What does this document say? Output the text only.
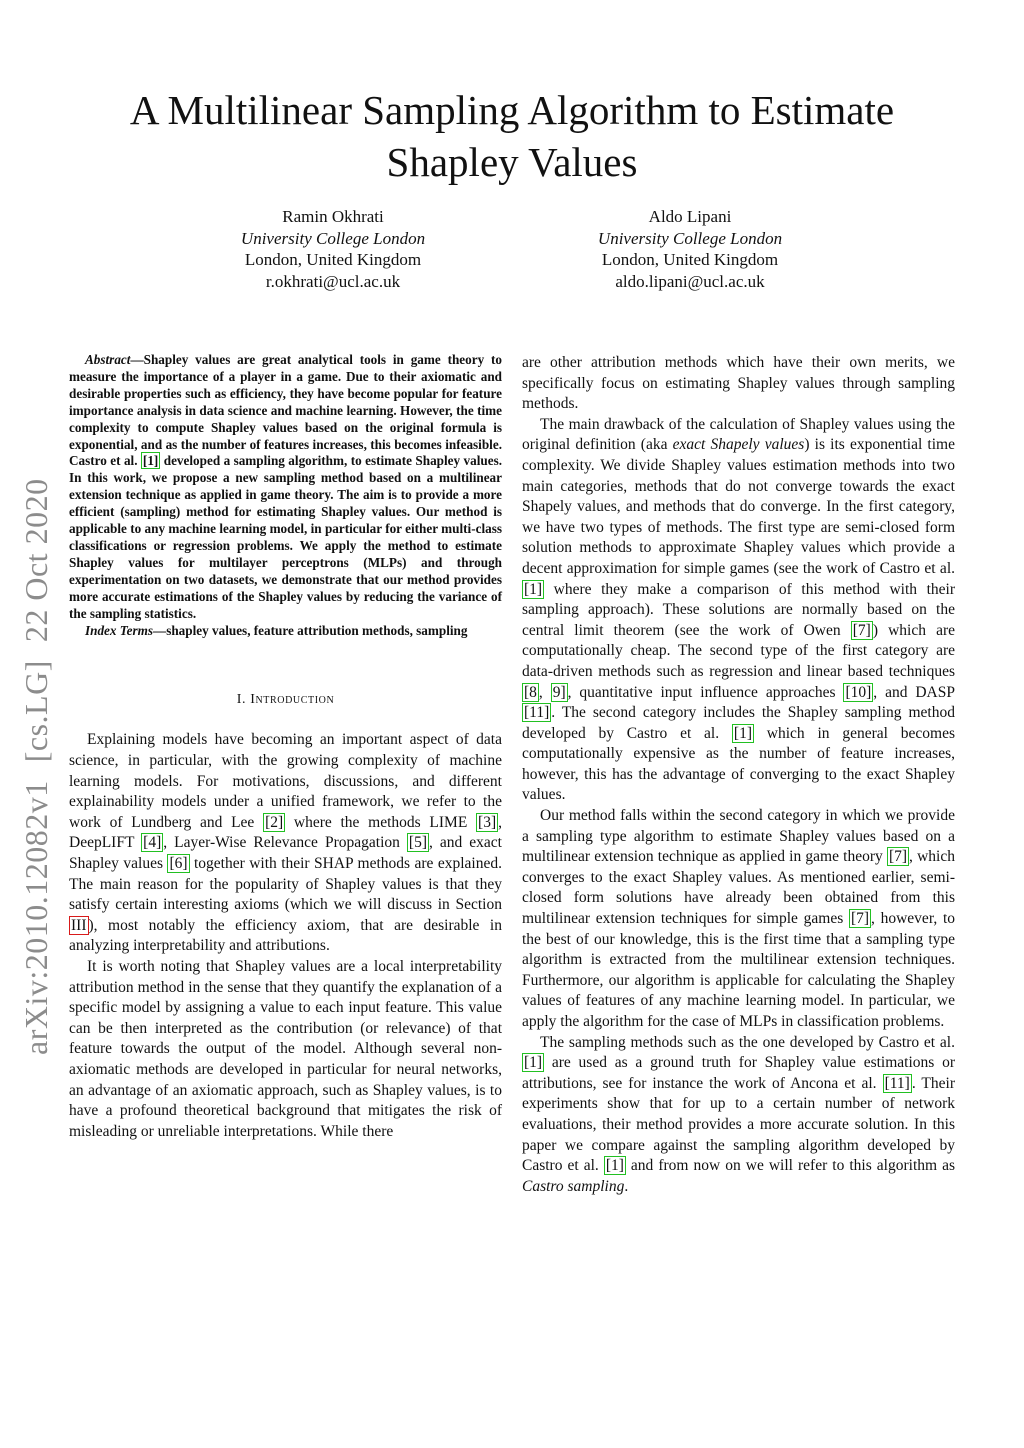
arXiv:2010.12082v1[cs.LG]22 Oct 2020
A Multilinear Sampling Algorithm to Estimate Shapley Values
Ramin Okhrati
University College London
London, United Kingdom
r.okhrati@ucl.ac.uk
Aldo Lipani
University College London
London, United Kingdom
aldo.lipani@ucl.ac.uk

Abstract—Shapley values are great analytical tools in game theory to measure the importance of a player in a game. Due to their axiomatic and desirable properties such as efficiency, they have become popular for feature importance analysis in data science and machine learning. However, the time complexity to compute Shapley values based on the original formula is exponential, and as the number of features increases, this becomes infeasible. Castro et al. [1] developed a sampling algorithm, to estimate Shapley values. In this work, we propose a new sampling method based on a multilinear extension technique as applied in game theory. The aim is to provide a more efficient (sampling) method for estimating Shapley values. Our method is applicable to any machine learning model, in particular for either multi-class classifications or regression problems. We apply the method to estimate Shapley values for multilayer perceptrons (MLPs) and through experimentation on two datasets, we demonstrate that our method provides more accurate estimations of the Shapley values by reducing the variance of the sampling statistics.

Index Terms—shapley values, feature attribution methods, sampling

I. Introduction

Explaining models have becoming an important aspect of data science, in particular, with the growing complexity of machine learning models. For motivations, discussions, and different explainability models under a unified framework, we refer to the work of Lundberg and Lee [2] where the methods LIME [3] , DeepLIFT [4] , Layer-Wise Relevance Propagation [5] , and exact Shapley values [6] together with their SHAP methods are explained. The main reason for the popularity of Shapley values is that they satisfy certain interesting axioms (which we will discuss in Section III ), most notably the efficiency axiom, that are desirable in analyzing interpretability and attributions.

It is worth noting that Shapley values are a local interpretability attribution method in the sense that they quantify the explanation of a specific model by assigning a value to each input feature. This value can be then interpreted as the contribution (or relevance) of that feature towards the output of the model. Although several non-axiomatic methods are developed in particular for neural networks, an advantage of an axiomatic approach, such as Shapley values, is to have a profound theoretical background that mitigates the risk of misleading or unreliable interpretations. While there

are other attribution methods which have their own merits, we specifically focus on estimating Shapley values through sampling methods.

The main drawback of the calculation of Shapley values using the original definition (aka exact Shapely values) is its exponential time complexity. We divide Shapley values estimation methods into two main categories, methods that do not converge towards the exact Shapely values, and methods that do converge. In the first category, we have two types of methods. The first type are semi-closed form solution methods to approximate Shapley values which provide a decent approximation for simple games (see the work of Castro et al. [1] where they make a comparison of this method with their sampling approach). These solutions are normally based on the central limit theorem (see the work of Owen [7] ) which are computationally cheap. The second type of the first category are data-driven methods such as regression and linear based techniques [8 , 9] , quantitative input influence approaches [10] , and DASP [11] . The second category includes the Shapley sampling method developed by Castro et al. [1] which in general becomes computationally expensive as the number of feature increases, however, this has the advantage of converging to the exact Shapley values.

Our method falls within the second category in which we provide a sampling type algorithm to estimate Shapley values based on a multilinear extension technique as applied in game theory [7] , which converges to the exact Shapley values. As mentioned earlier, semi-closed form solutions have already been obtained from this multilinear extension techniques for simple games [7] , however, to the best of our knowledge, this is the first time that a sampling type algorithm is extracted from the multilinear extension techniques. Furthermore, our algorithm is applicable for calculating the Shapley values of features of any machine learning model. In particular, we apply the algorithm for the case of MLPs in classification problems.

The sampling methods such as the one developed by Castro et al. [1] are used as a ground truth for Shapley value estimations or attributions, see for instance the work of Ancona et al. [11] . Their experiments show that for up to a certain number of network evaluations, their method provides a more accurate solution. In this paper we compare against the sampling algorithm developed by Castro et al. [1] and from now on we will refer to this algorithm as Castro sampling.
